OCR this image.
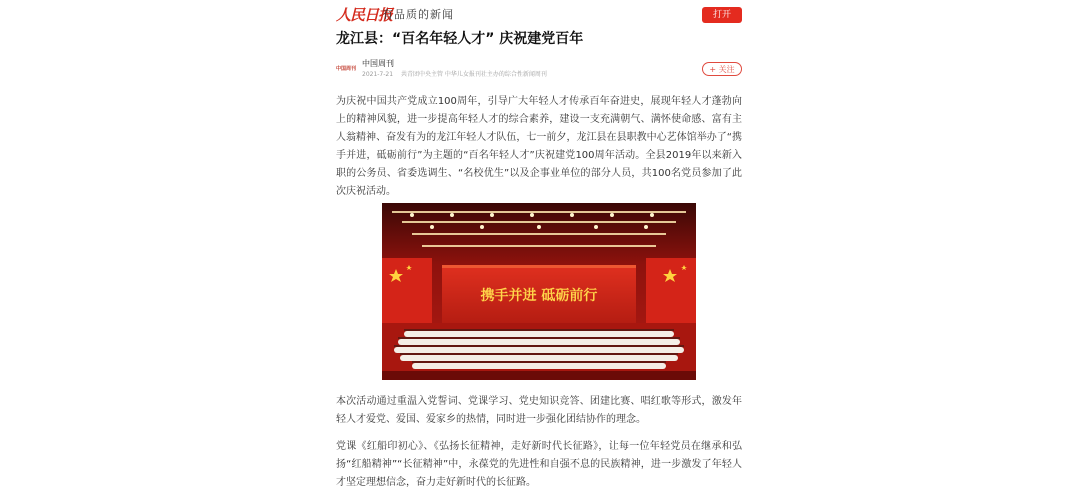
人民日报
有品质的新闻	打开
龙江县：“百名年轻人才” 庆祝建党百年
中国周刊
中国周刊
2021-7-21 共青团中央主管 中华儿女报刊社主办的综合性新闻周刊
+ 关注
为庆祝中国共产党成立100周年，引导广大年轻人才传承百年奋进史，展现年轻人才蓬勃向上的精神风貌，进一步提高年轻人才的综合素养，建设一支充满朝气、满怀使命感、富有主人翁精神、奋发有为的龙江年轻人才队伍，七一前夕，龙江县在县职教中心艺体馆举办了“携手并进，砥砺前行”为主题的“百名年轻人才”庆祝建党100周年活动。全县2019年以来新入职的公务员、省委选调生、“名校优生”以及企事业单位的部分人员，共100名党员参加了此次庆祝活动。
携手并进 砥砺前行
本次活动通过重温入党誓词、党课学习、党史知识竞答、团建比赛、唱红歌等形式，激发年轻人才爱党、爱国、爱家乡的热情，同时进一步强化团结协作的理念。
党课《红船印初心》、《弘扬长征精神，走好新时代长征路》，让每一位年轻党员在继承和弘扬“红船精神”“长征精神”中，永葆党的先进性和自强不息的民族精神，进一步激发了年轻人才坚定理想信念，奋力走好新时代的长征路。
